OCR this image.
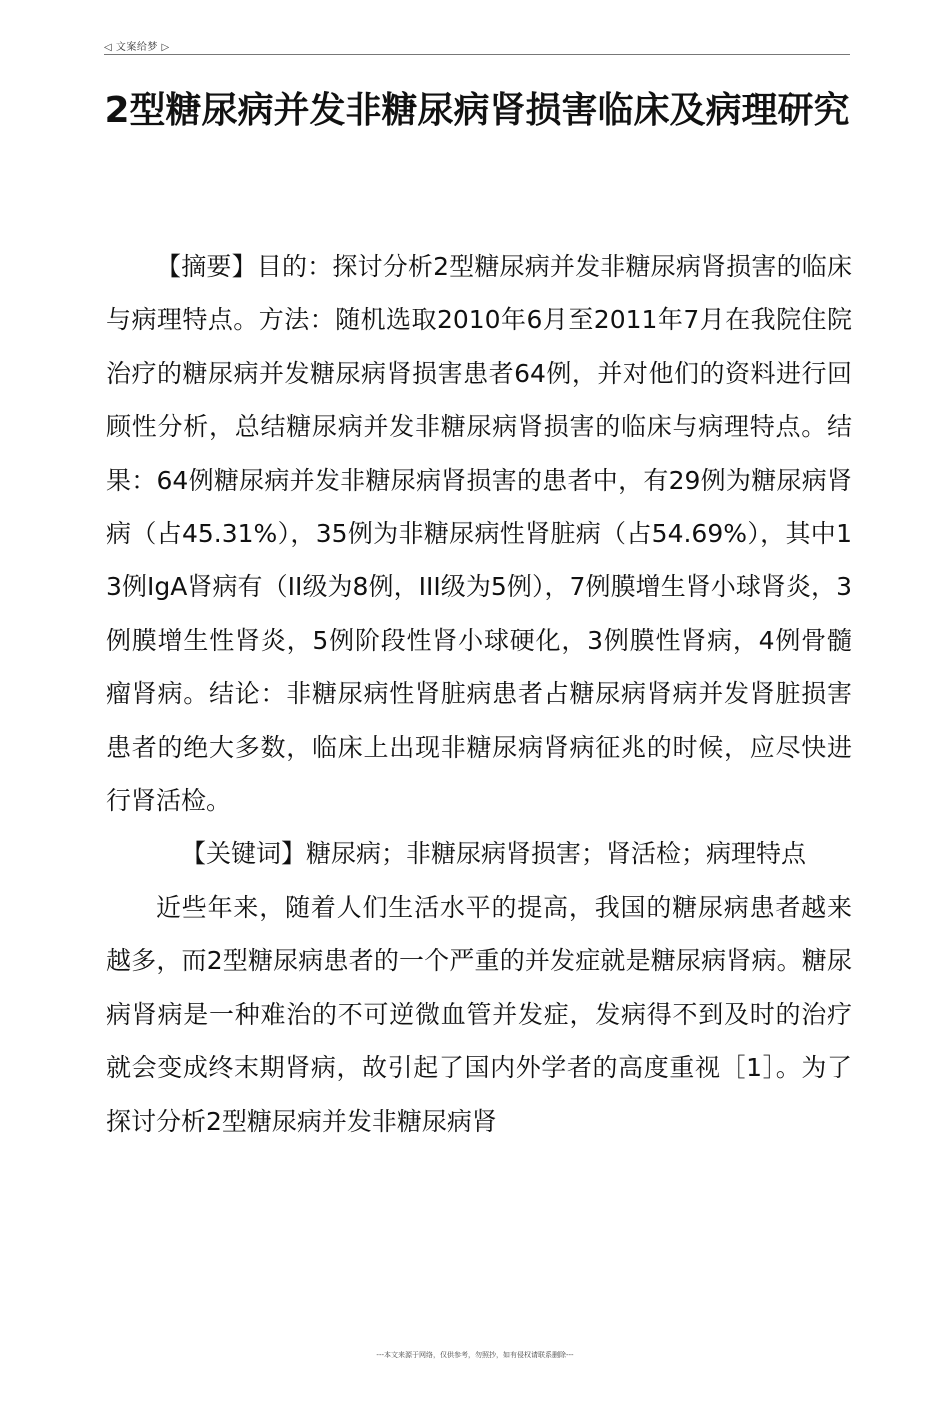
◁ 文案给梦 ▷
2型糖尿病并发非糖尿病肾损害临床及病理研究

【摘要】目的：探讨分析2型糖尿病并发非糖尿病肾损害的临床与病理特点。方法：随机选取2010年6月至2011年7月在我院住院治疗的糖尿病并发糖尿病肾损害患者64例，并对他们的资料进行回顾性分析，总结糖尿病并发非糖尿病肾损害的临床与病理特点。结果：64例糖尿病并发非糖尿病肾损害的患者中，有29例为糖尿病肾病（占45.31%），35例为非糖尿病性肾脏病（占54.69%），其中13例IgA肾病有（II级为8例，III级为5例），7例膜增生肾小球肾炎，3例膜增生性肾炎，5例阶段性肾小球硬化，3例膜性肾病，4例骨髓瘤肾病。结论：非糖尿病性肾脏病患者占糖尿病肾病并发肾脏损害患者的绝大多数，临床上出现非糖尿病肾病征兆的时候，应尽快进行肾活检。

【关键词】糖尿病；非糖尿病肾损害；肾活检；病理特点

近些年来，随着人们生活水平的提高，我国的糖尿病患者越来越多，而2型糖尿病患者的一个严重的并发症就是糖尿病肾病。糖尿病肾病是一种难治的不可逆微血管并发症，发病得不到及时的治疗就会变成终末期肾病，故引起了国内外学者的高度重视［1］。为了探讨分析2型糖尿病并发非糖尿病肾

---本文来源于网络，仅供参考，勿照抄，如有侵权请联系删除---
